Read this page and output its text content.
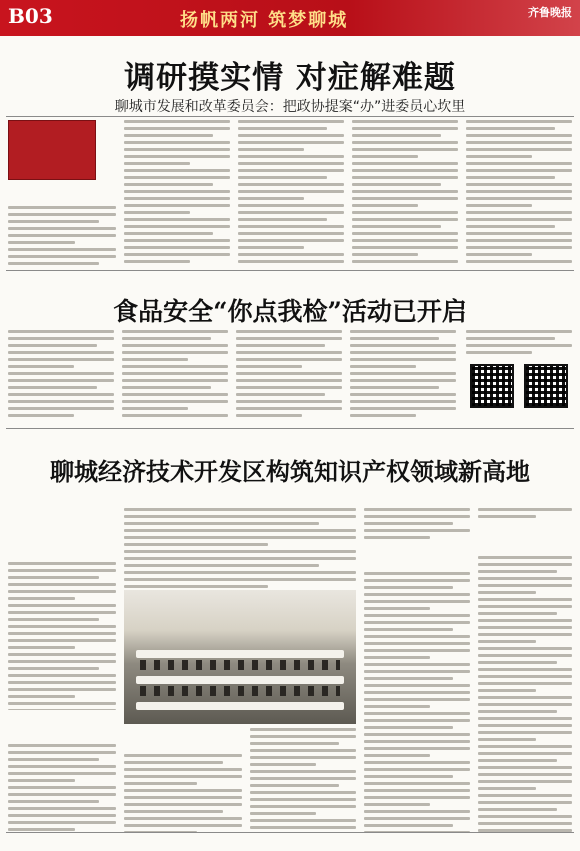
B03	扬帆两河 筑梦聊城	齐鲁晚报
调研摸实情 对症解难题
聊城市发展和改革委员会：把政协提案“办”进委员心坎里
食品安全“你点我检”活动已开启
聊城经济技术开发区构筑知识产权领域新高地
